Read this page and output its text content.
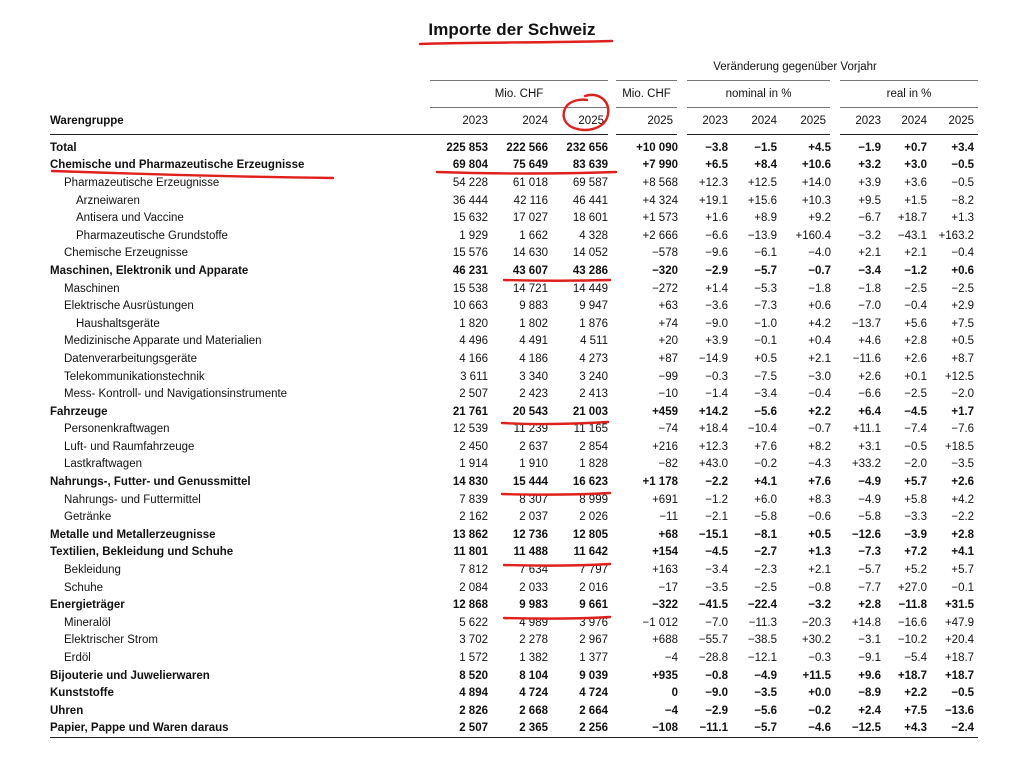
Importe der Schweiz
				Veränderung gegenüber Vorjahr						
	Mio. CHF			Mio. CHF	nominal in %			real in %		
Warengruppe	2023	2024	2025	2025	2023	2024	2025	2023	2024	2025
Total	225 853	222 566	232 656	+10 090	−3.8	−1.5	+4.5	−1.9	+0.7	+3.4
Chemische und Pharmazeutische Erzeugnisse	69 804	75 649	83 639	+7 990	+6.5	+8.4	+10.6	+3.2	+3.0	−0.5
Pharmazeutische Erzeugnisse	54 228	61 018	69 587	+8 568	+12.3	+12.5	+14.0	+3.9	+3.6	−0.5
Arzneiwaren	36 444	42 116	46 441	+4 324	+19.1	+15.6	+10.3	+9.5	+1.5	−8.2
Antisera und Vaccine	15 632	17 027	18 601	+1 573	+1.6	+8.9	+9.2	−6.7	+18.7	+1.3
Pharmazeutische Grundstoffe	1 929	1 662	4 328	+2 666	−6.6	−13.9	+160.4	−3.2	−43.1	+163.2
Chemische Erzeugnisse	15 576	14 630	14 052	−578	−9.6	−6.1	−4.0	+2.1	+2.1	−0.4
Maschinen, Elektronik und Apparate	46 231	43 607	43 286	−320	−2.9	−5.7	−0.7	−3.4	−1.2	+0.6
Maschinen	15 538	14 721	14 449	−272	+1.4	−5.3	−1.8	−1.8	−2.5	−2.5
Elektrische Ausrüstungen	10 663	9 883	9 947	+63	−3.6	−7.3	+0.6	−7.0	−0.4	+2.9
Haushaltsgeräte	1 820	1 802	1 876	+74	−9.0	−1.0	+4.2	−13.7	+5.6	+7.5
Medizinische Apparate und Materialien	4 496	4 491	4 511	+20	+3.9	−0.1	+0.4	+4.6	+2.8	+0.5
Datenverarbeitungsgeräte	4 166	4 186	4 273	+87	−14.9	+0.5	+2.1	−11.6	+2.6	+8.7
Telekommunikationstechnik	3 611	3 340	3 240	−99	−0.3	−7.5	−3.0	+2.6	+0.1	+12.5
Mess- Kontroll- und Navigationsinstrumente	2 507	2 423	2 413	−10	−1.4	−3.4	−0.4	−6.6	−2.5	−2.0
Fahrzeuge	21 761	20 543	21 003	+459	+14.2	−5.6	+2.2	+6.4	−4.5	+1.7
Personenkraftwagen	12 539	11 239	11 165	−74	+18.4	−10.4	−0.7	+11.1	−7.4	−7.6
Luft- und Raumfahrzeuge	2 450	2 637	2 854	+216	+12.3	+7.6	+8.2	+3.1	−0.5	+18.5
Lastkraftwagen	1 914	1 910	1 828	−82	+43.0	−0.2	−4.3	+33.2	−2.0	−3.5
Nahrungs-, Futter- und Genussmittel	14 830	15 444	16 623	+1 178	−2.2	+4.1	+7.6	−4.9	+5.7	+2.6
Nahrungs- und Futtermittel	7 839	8 307	8 999	+691	−1.2	+6.0	+8.3	−4.9	+5.8	+4.2
Getränke	2 162	2 037	2 026	−11	−2.1	−5.8	−0.6	−5.8	−3.3	−2.2
Metalle und Metallerzeugnisse	13 862	12 736	12 805	+68	−15.1	−8.1	+0.5	−12.6	−3.9	+2.8
Textilien, Bekleidung und Schuhe	11 801	11 488	11 642	+154	−4.5	−2.7	+1.3	−7.3	+7.2	+4.1
Bekleidung	7 812	7 634	7 797	+163	−3.4	−2.3	+2.1	−5.7	+5.2	+5.7
Schuhe	2 084	2 033	2 016	−17	−3.5	−2.5	−0.8	−7.7	+27.0	−0.1
Energieträger	12 868	9 983	9 661	−322	−41.5	−22.4	−3.2	+2.8	−11.8	+31.5
Mineralöl	5 622	4 989	3 976	−1 012	−7.0	−11.3	−20.3	+14.8	−16.6	+47.9
Elektrischer Strom	3 702	2 278	2 967	+688	−55.7	−38.5	+30.2	−3.1	−10.2	+20.4
Erdöl	1 572	1 382	1 377	−4	−28.8	−12.1	−0.3	−9.1	−5.4	+18.7
Bijouterie und Juwelierwaren	8 520	8 104	9 039	+935	−0.8	−4.9	+11.5	+9.6	+18.7	+18.7
Kunststoffe	4 894	4 724	4 724	0	−9.0	−3.5	+0.0	−8.9	+2.2	−0.5
Uhren	2 826	2 668	2 664	−4	−2.9	−5.6	−0.2	+2.4	+7.5	−13.6
Papier, Pappe und Waren daraus	2 507	2 365	2 256	−108	−11.1	−5.7	−4.6	−12.5	+4.3	−2.4
